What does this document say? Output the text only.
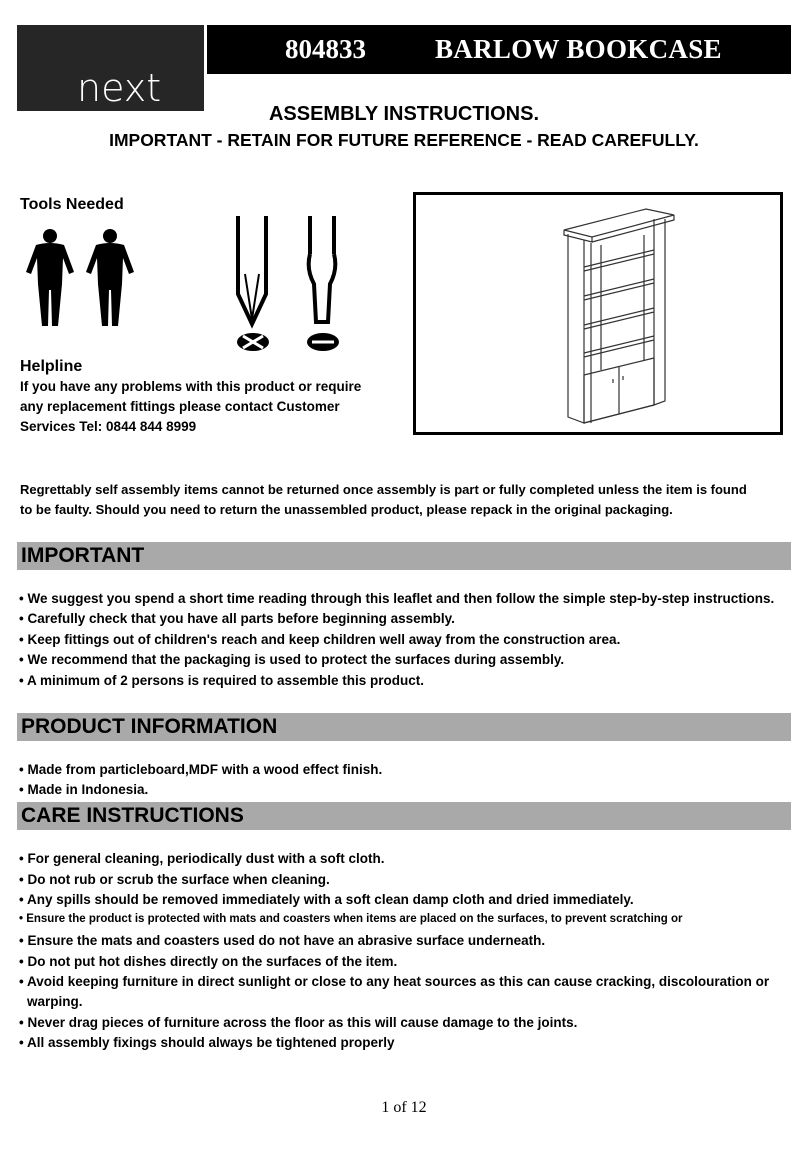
next
804833	BARLOW BOOKCASE
ASSEMBLY INSTRUCTIONS.
IMPORTANT - RETAIN FOR FUTURE REFERENCE - READ CAREFULLY.
Tools Needed
Helpline
If you have any problems with this product or require
any replacement fittings please contact Customer
Services Tel: 0844 844 8999
Regrettably self assembly items cannot be returned once assembly is part or fully completed unless the item is found
to be faulty. Should you need to return the unassembled product, please repack in the original packaging.
IMPORTANT
• We suggest you spend a short time reading through this leaflet and then follow the simple step-by-step instructions.
• Carefully check that you have all parts before beginning assembly.
• Keep fittings out of children's reach and keep children well away from the construction area.
• We recommend that the packaging is used to protect the surfaces during assembly.
• A minimum of 2 persons is required to assemble this product.
PRODUCT INFORMATION
• Made from particleboard,MDF with a wood effect finish.
• Made in Indonesia.
CARE INSTRUCTIONS
• For general cleaning, periodically dust with a soft cloth.
• Do not rub or scrub the surface when cleaning.
• Any spills should be removed immediately with a soft clean damp cloth and dried immediately.
• Ensure the product is protected with mats and coasters when items are placed on the surfaces, to prevent scratching or
• Ensure the mats and coasters used do not have an abrasive surface underneath.
• Do not put hot dishes directly on the surfaces of the item.
• Avoid keeping furniture in direct sunlight or close to any heat sources as this can cause cracking, discolouration or
warping.
• Never drag pieces of furniture across the floor as this will cause damage to the joints.
• All assembly fixings should always be tightened properly
1 of 12
